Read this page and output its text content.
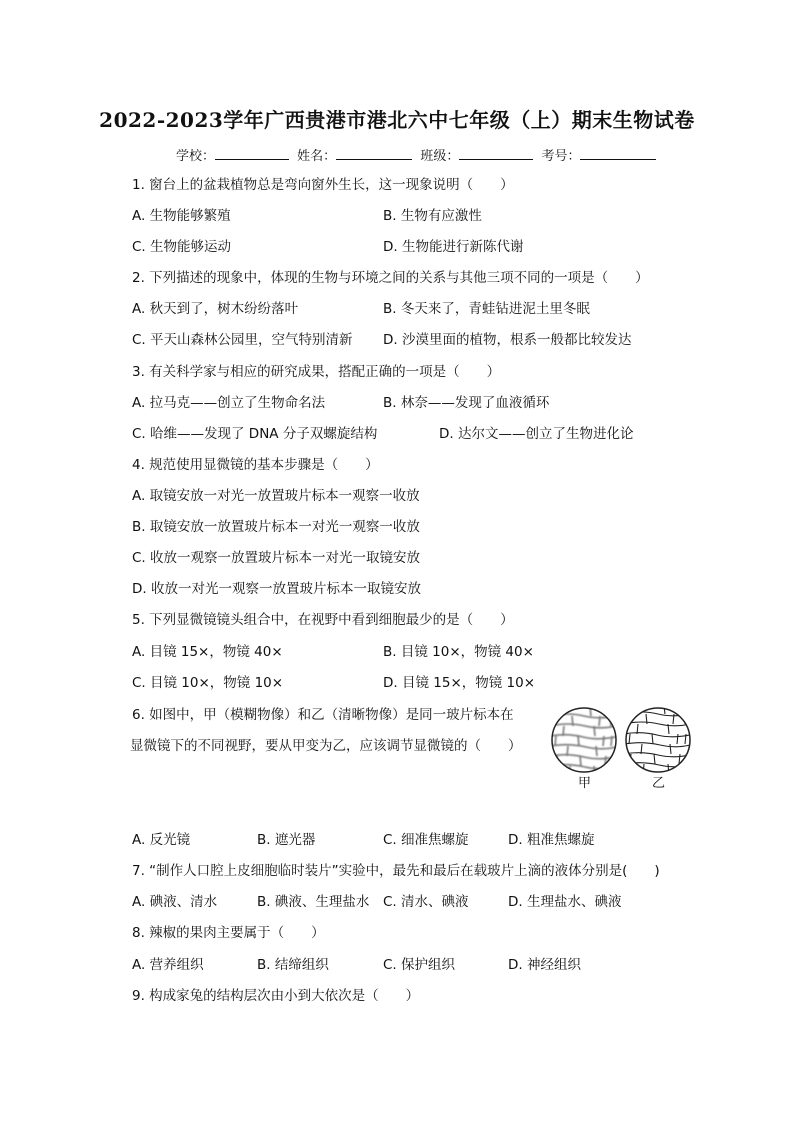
2022-2023学年广西贵港市港北六中七年级（上）期末生物试卷
学校：	姓名：	班级：	考号：
1. 窗台上的盆栽植物总是弯向窗外生长，这一现象说明（　　）
A. 生物能够繁殖	B. 生物有应激性
C. 生物能够运动	D. 生物能进行新陈代谢
2. 下列描述的现象中，体现的生物与环境之间的关系与其他三项不同的一项是（　　）
A. 秋天到了，树木纷纷落叶	B. 冬天来了，青蛙钻进泥土里冬眠
C. 平天山森林公园里，空气特别清新 D. 沙漠里面的植物，根系一般都比较发达
3. 有关科学家与相应的研究成果，搭配正确的一项是（　　）
A. 拉马克——创立了生物命名法	B. 林奈——发现了血液循环
C. 哈维——发现了 DNA 分子双螺旋结构	D. 达尔文——创立了生物进化论
4. 规范使用显微镜的基本步骤是（　　）
A. 取镜安放一对光一放置玻片标本一观察一收放
B. 取镜安放一放置玻片标本一对光一观察一收放
C. 收放一观察一放置玻片标本一对光一取镜安放
D. 收放一对光一观察一放置玻片标本一取镜安放
5. 下列显微镜镜头组合中，在视野中看到细胞最少的是（　　）
A. 目镜 15×，物镜 40×	B. 目镜 10×，物镜 40×
C. 目镜 10×，物镜 10×	D. 目镜 15×，物镜 10×
6. 如图中，甲（模糊物像）和乙（清晰物像）是同一玻片标本在
显微镜下的不同视野，要从甲变为乙，应该调节显微镜的（　　）
甲	乙
A. 反光镜	B. 遮光器	C. 细准焦螺旋	D. 粗准焦螺旋
7. “制作人口腔上皮细胞临时装片”实验中，最先和最后在载玻片上滴的液体分别是(　　)
A. 碘液、清水	B. 碘液、生理盐水 C. 清水、碘液	D. 生理盐水、碘液
8. 辣椒的果肉主要属于（　　）
A. 营养组织	B. 结缔组织	C. 保护组织	D. 神经组织
9. 构成家兔的结构层次由小到大依次是（　　）
